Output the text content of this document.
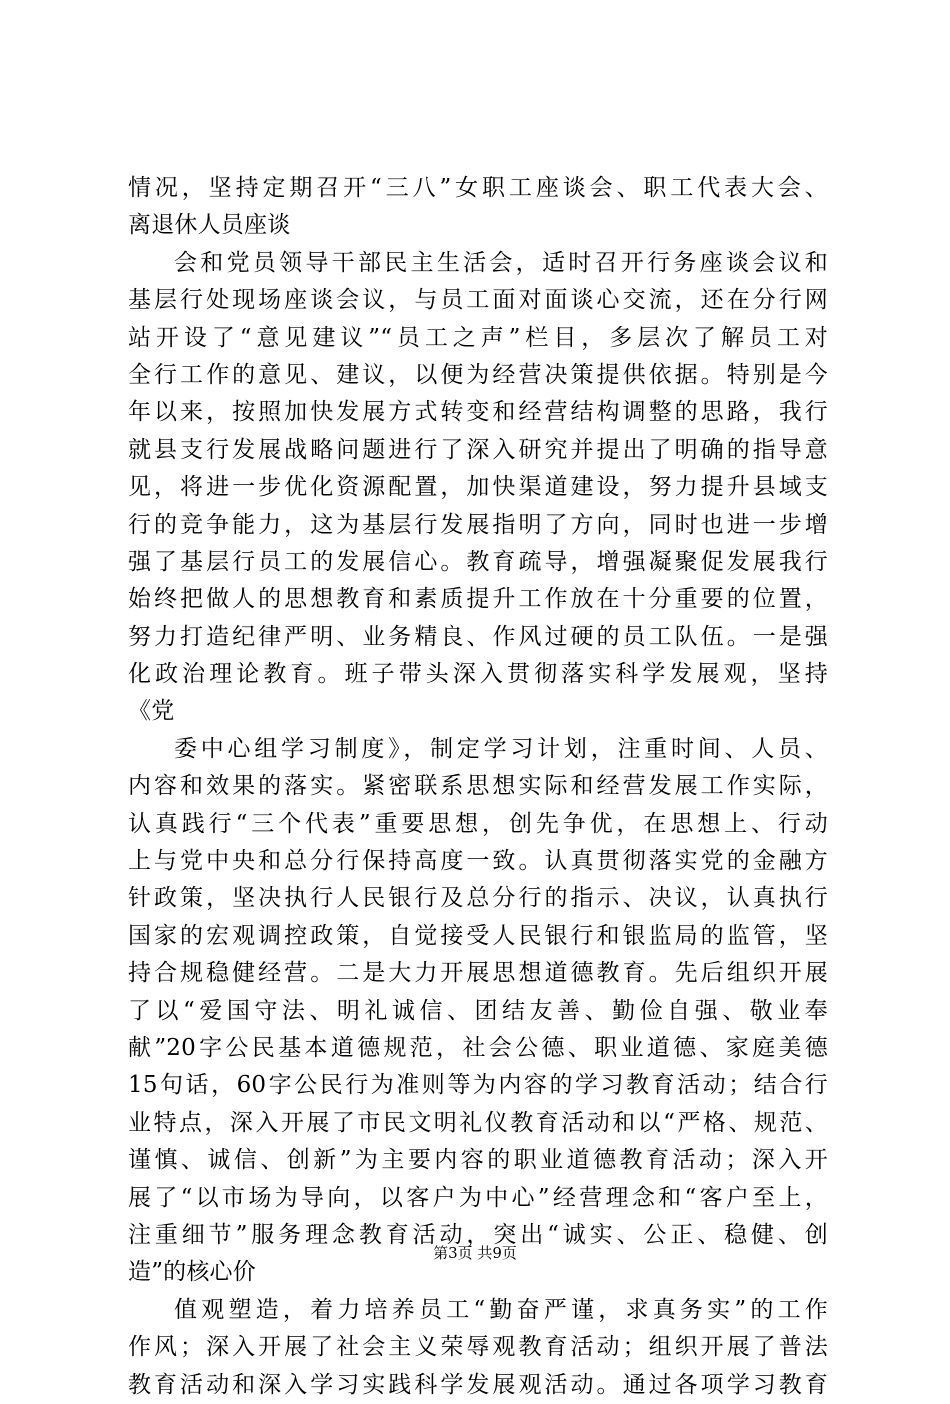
情况，坚持定期召开“三八”女职工座谈会、职工代表大会、
离退休人员座谈
会和党员领导干部民主生活会，适时召开行务座谈会议和
基层行处现场座谈会议，与员工面对面谈心交流，还在分行网
站开设了“意见建议”“员工之声”栏目，多层次了解员工对
全行工作的意见、建议，以便为经营决策提供依据。特别是今
年以来，按照加快发展方式转变和经营结构调整的思路，我行
就县支行发展战略问题进行了深入研究并提出了明确的指导意
见，将进一步优化资源配置，加快渠道建设，努力提升县域支
行的竞争能力，这为基层行发展指明了方向，同时也进一步增
强了基层行员工的发展信心。教育疏导，增强凝聚促发展我行
始终把做人的思想教育和素质提升工作放在十分重要的位置，
努力打造纪律严明、业务精良、作风过硬的员工队伍。一是强
化政治理论教育。班子带头深入贯彻落实科学发展观，坚持
《党
委中心组学习制度》，制定学习计划，注重时间、人员、
内容和效果的落实。紧密联系思想实际和经营发展工作实际，
认真践行“三个代表”重要思想，创先争优，在思想上、行动
上与党中央和总分行保持高度一致。认真贯彻落实党的金融方
针政策，坚决执行人民银行及总分行的指示、决议，认真执行
国家的宏观调控政策，自觉接受人民银行和银监局的监管，坚
持合规稳健经营。二是大力开展思想道德教育。先后组织开展
了以“爱国守法、明礼诚信、团结友善、勤俭自强、敬业奉
献”20字公民基本道德规范，社会公德、职业道德、家庭美德
15句话，60字公民行为准则等为内容的学习教育活动；结合行
业特点，深入开展了市民文明礼仪教育活动和以“严格、规范、
谨慎、诚信、创新”为主要内容的职业道德教育活动；深入开
展了“以市场为导向，以客户为中心”经营理念和“客户至上，
注重细节”服务理念教育活动，突出“诚实、公正、稳健、创
造”的核心价
值观塑造，着力培养员工“勤奋严谨，求真务实”的工作
作风；深入开展了社会主义荣辱观教育活动；组织开展了普法
教育活动和深入学习实践科学发展观活动。通过各项学习教育
第3页 共9页
